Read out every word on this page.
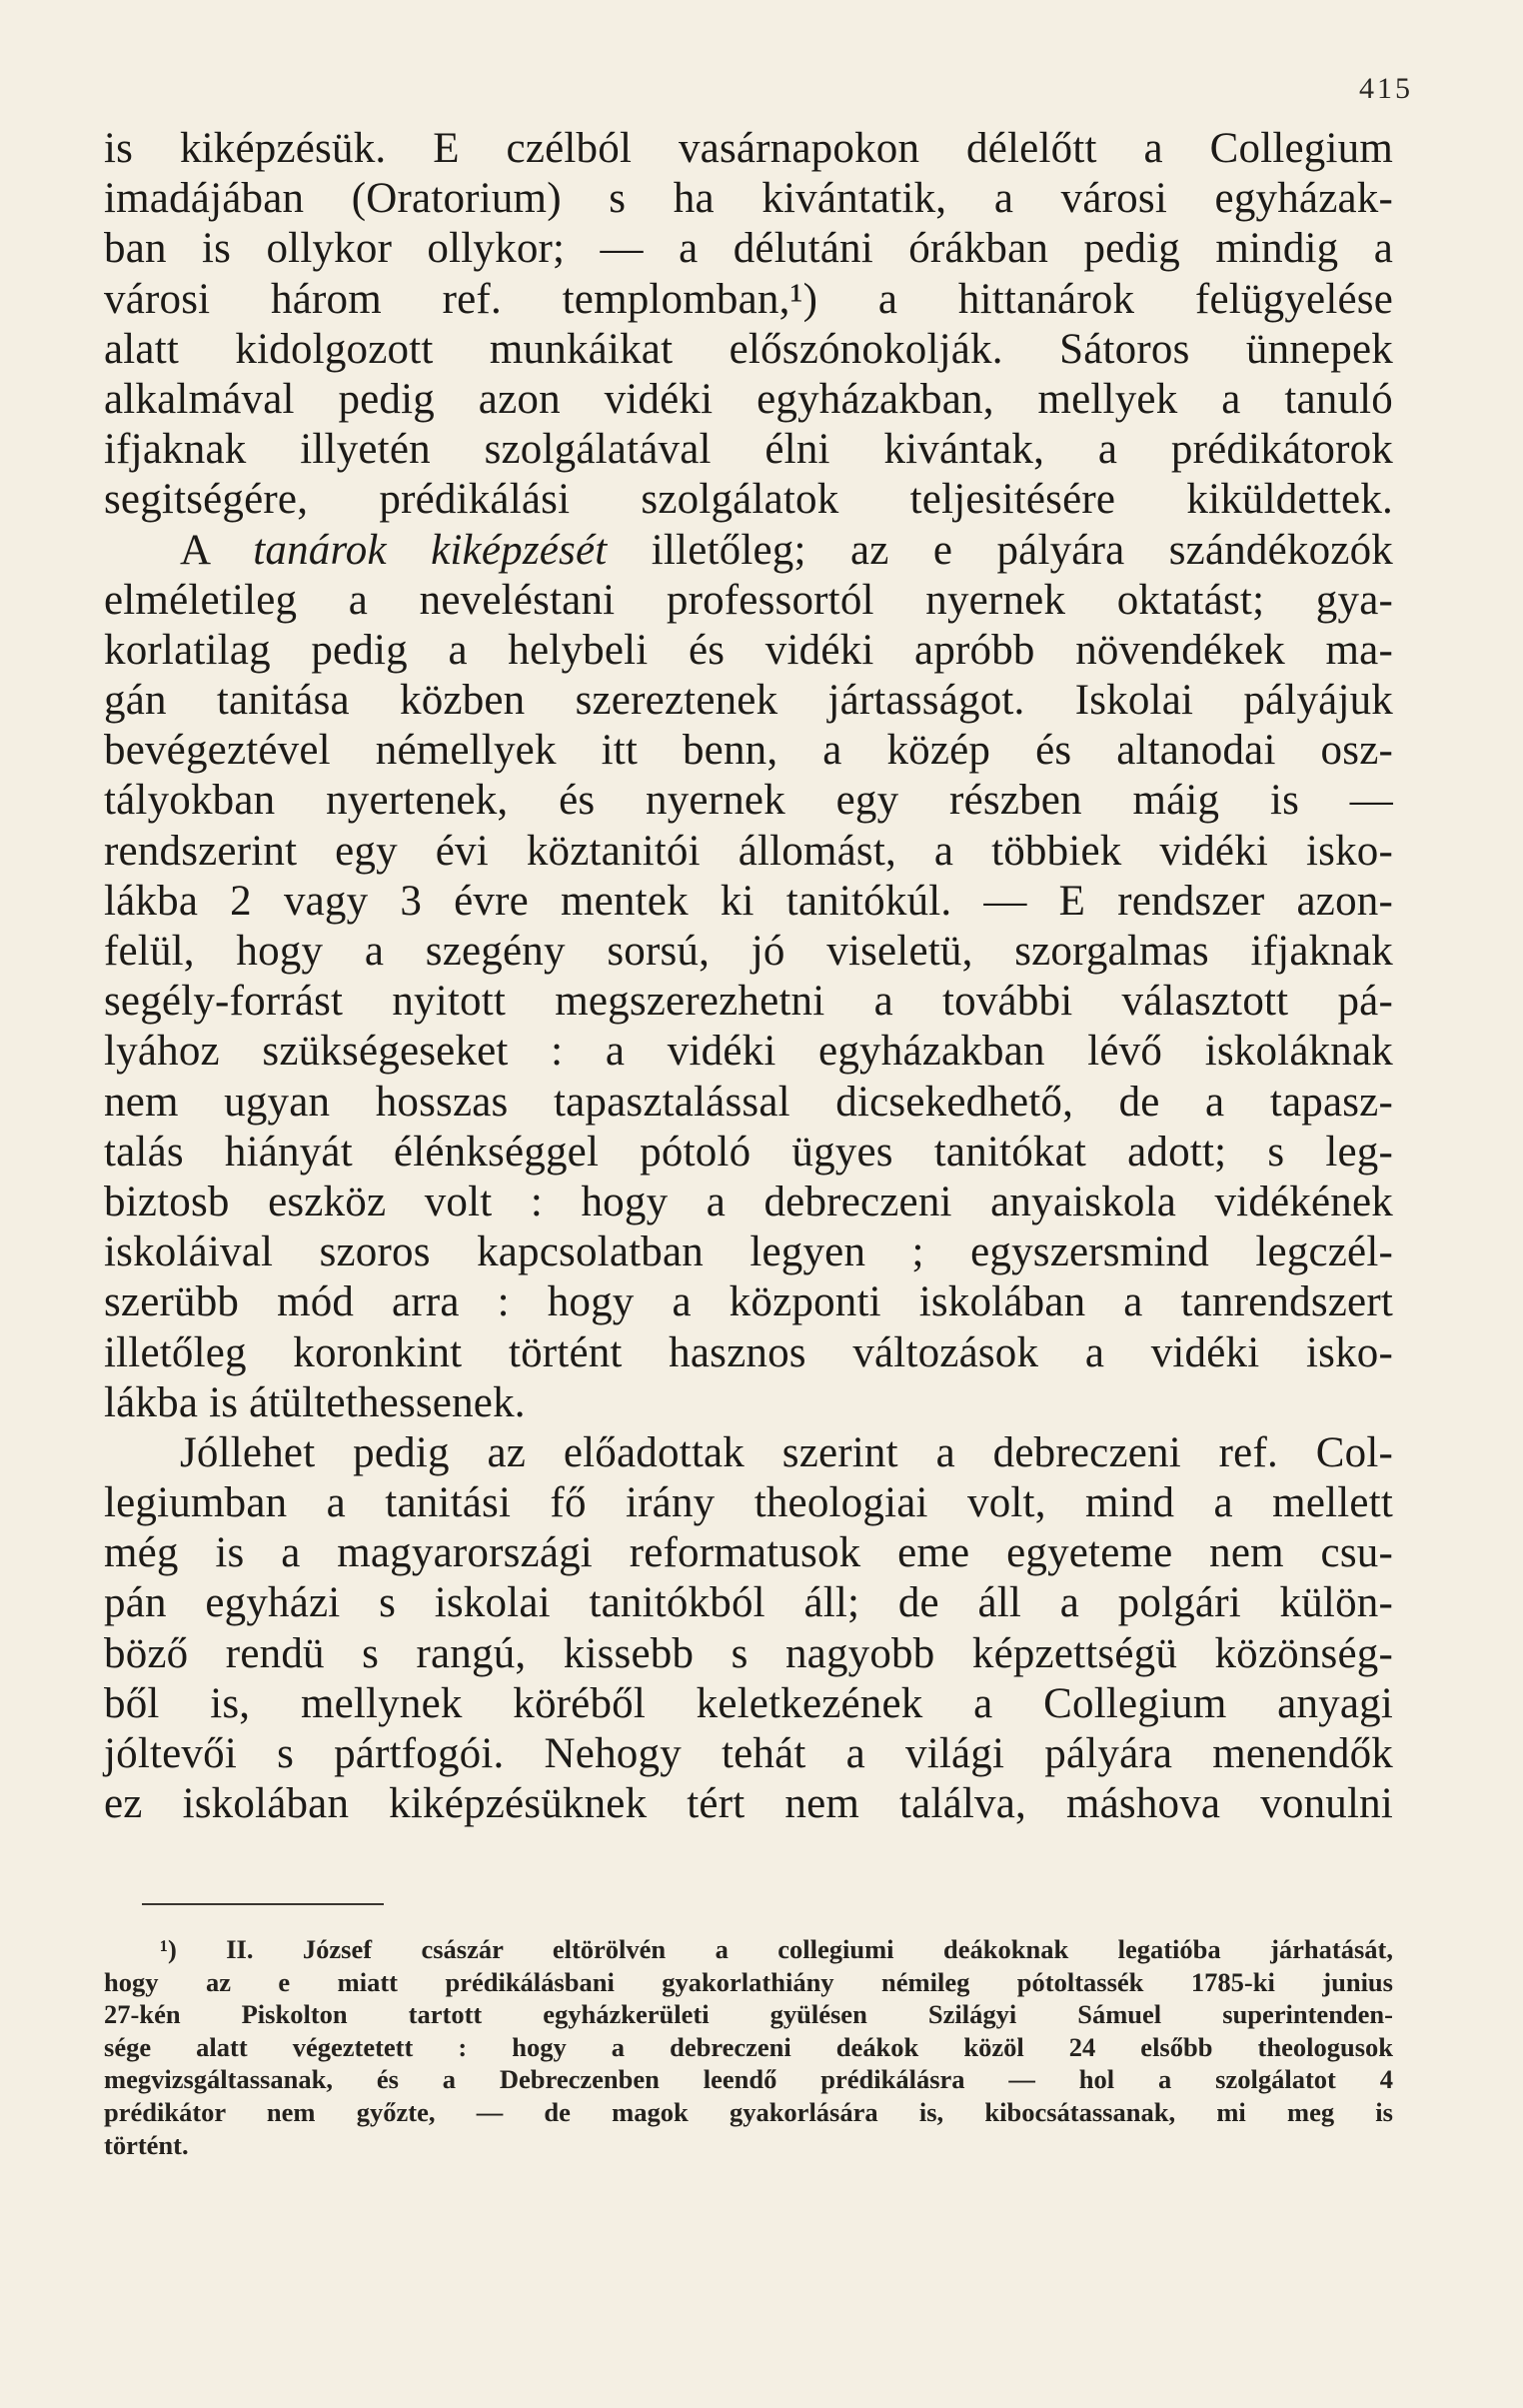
415
is kiképzésük. E czélból vasárnapokon délelőtt a Collegium
imadájában (Oratorium) s ha kivántatik, a városi egyházak-
ban is ollykor ollykor; — a délutáni órákban pedig mindig a
városi három ref. templomban,¹) a hittanárok felügyelése
alatt kidolgozott munkáikat előszónokolják. Sátoros ünnepek
alkalmával pedig azon vidéki egyházakban, mellyek a tanuló
ifjaknak illyetén szolgálatával élni kivántak, a prédikátorok
segitségére, prédikálási szolgálatok teljesitésére kiküldettek.
A tanárok kiképzését illetőleg; az e pályára szándékozók
elméletileg a neveléstani professortól nyernek oktatást; gya-
korlatilag pedig a helybeli és vidéki apróbb növendékek ma-
gán tanitása közben szereztenek jártasságot. Iskolai pályájuk
bevégeztével némellyek itt benn, a közép és altanodai osz-
tályokban nyertenek, és nyernek egy részben máig is —
rendszerint egy évi köztanitói állomást, a többiek vidéki isko-
lákba 2 vagy 3 évre mentek ki tanitókúl. — E rendszer azon-
felül, hogy a szegény sorsú, jó viseletü, szorgalmas ifjaknak
segély-forrást nyitott megszerezhetni a további választott pá-
lyához szükségeseket : a vidéki egyházakban lévő iskoláknak
nem ugyan hosszas tapasztalással dicsekedhető, de a tapasz-
talás hiányát élénkséggel pótoló ügyes tanitókat adott; s leg-
biztosb eszköz volt : hogy a debreczeni anyaiskola vidékének
iskoláival szoros kapcsolatban legyen ; egyszersmind legczél-
szerübb mód arra : hogy a központi iskolában a tanrendszert
illetőleg koronkint történt hasznos változások a vidéki isko-
lákba is átültethessenek.
Jóllehet pedig az előadottak szerint a debreczeni ref. Col-
legiumban a tanitási fő irány theologiai volt, mind a mellett
még is a magyarországi reformatusok eme egyeteme nem csu-
pán egyházi s iskolai tanitókból áll; de áll a polgári külön-
böző rendü s rangú, kissebb s nagyobb képzettségü közönség-
ből is, mellynek köréből keletkezének a Collegium anyagi
jóltevői s pártfogói. Nehogy tehát a világi pályára menendők
ez iskolában kiképzésüknek tért nem találva, máshova vonulni
¹) II. József császár eltörölvén a collegiumi deákoknak legatióba járhatását,
hogy az e miatt prédikálásbani gyakorlathiány némileg pótoltassék 1785-ki junius
27-kén Piskolton tartott egyházkerületi gyülésen Szilágyi Sámuel superintenden-
sége alatt végeztetett : hogy a debreczeni deákok közöl 24 elsőbb theologusok
megvizsgáltassanak, és a Debreczenben leendő prédikálásra — hol a szolgálatot 4
prédikátor nem győzte, — de magok gyakorlására is, kibocsátassanak, mi meg is
történt.
